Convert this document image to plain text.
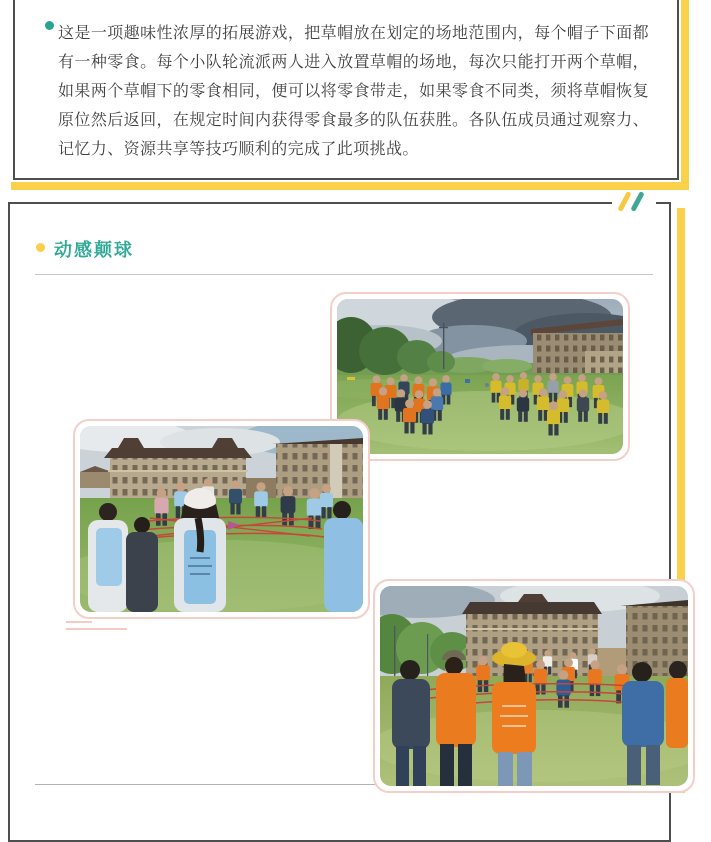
这是一项趣味性浓厚的拓展游戏，把草帽放在划定的场地范围内，每个帽子下面都有一种零食。每个小队轮流派两人进入放置草帽的场地，每次只能打开两个草帽，如果两个草帽下的零食相同，便可以将零食带走，如果零食不同类，须将草帽恢复原位然后返回，在规定时间内获得零食最多的队伍获胜。各队伍成员通过观察力、记忆力、资源共享等技巧顺利的完成了此项挑战。

动感颠球
